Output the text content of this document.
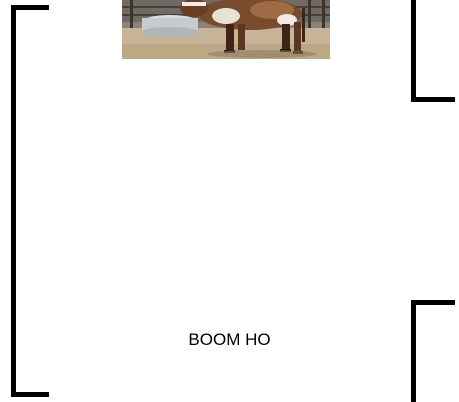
BOOM HO
